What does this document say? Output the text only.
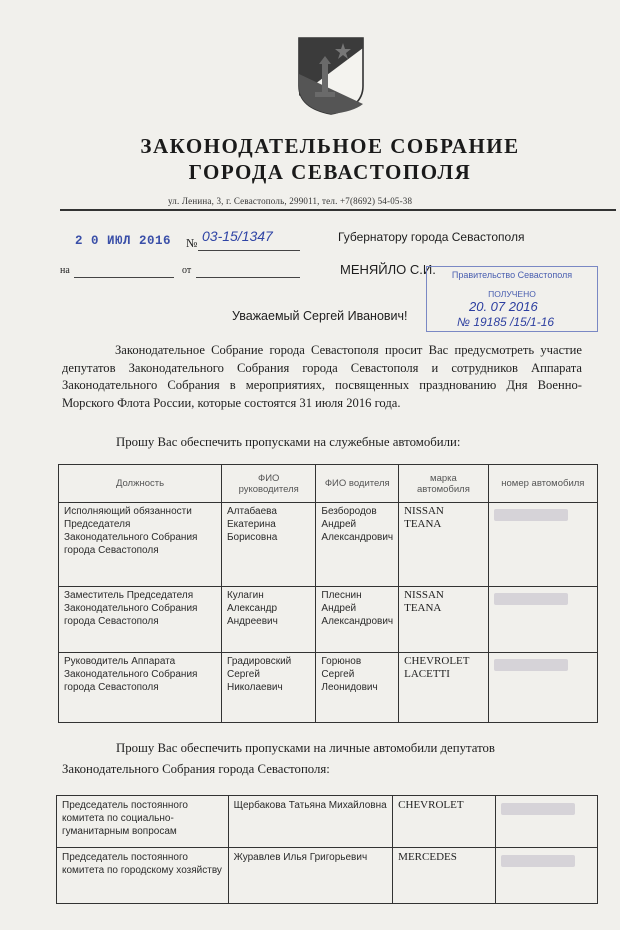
ЗАКОНОДАТЕЛЬНОЕ СОБРАНИЕ
ГОРОДА СЕВАСТОПОЛЯ
ул. Ленина, 3, г. Севастополь, 299011, тел. +7(8692) 54-05-38
2 0 ИЮЛ 2016 № 03-15/1347
на	от
Губернатору города Севастополя
МЕНЯЙЛО С.И.	Правительство Севастополя
ПОЛУЧЕНО
20. 07 2016
№ 19185 /15/1-16
Уважаемый Сергей Иванович!
Законодательное Собрание города Севастополя просит Вас предусмотреть участие депутатов Законодательного Собрания города Севастополя и сотрудников Аппарата Законодательного Собрания в мероприятиях, посвященных празднованию Дня Военно-Морского Флота России, которые состоятся 31 июля 2016 года.
Прошу Вас обеспечить пропусками на служебные автомобили:
Должность	ФИО руководителя	ФИО водителя	марка автомобиля	номер автомобиля
Исполняющий обязанности Председателя Законодательного Собрания города Севастополя	Алтабаева Екатерина Борисовна	Безбородов Андрей Александрович	NISSAN TEANA	
Заместитель Председателя Законодательного Собрания города Севастополя	Кулагин Александр Андреевич	Плеснин Андрей Александрович	NISSAN TEANA	
Руководитель Аппарата Законодательного Собрания города Севастополя	Градировский Сергей Николаевич	Горюнов Сергей Леонидович	CHEVROLET LACETTI	
Прошу Вас обеспечить пропусками на личные автомобили депутатов
Законодательного Собрания города Севастополя:
Председатель постоянного комитета по социально-гуманитарным вопросам	Щербакова Татьяна Михайловна	CHEVROLET	
Председатель постоянного комитета по городскому хозяйству	Журавлев Илья Григорьевич	MERCEDES	
